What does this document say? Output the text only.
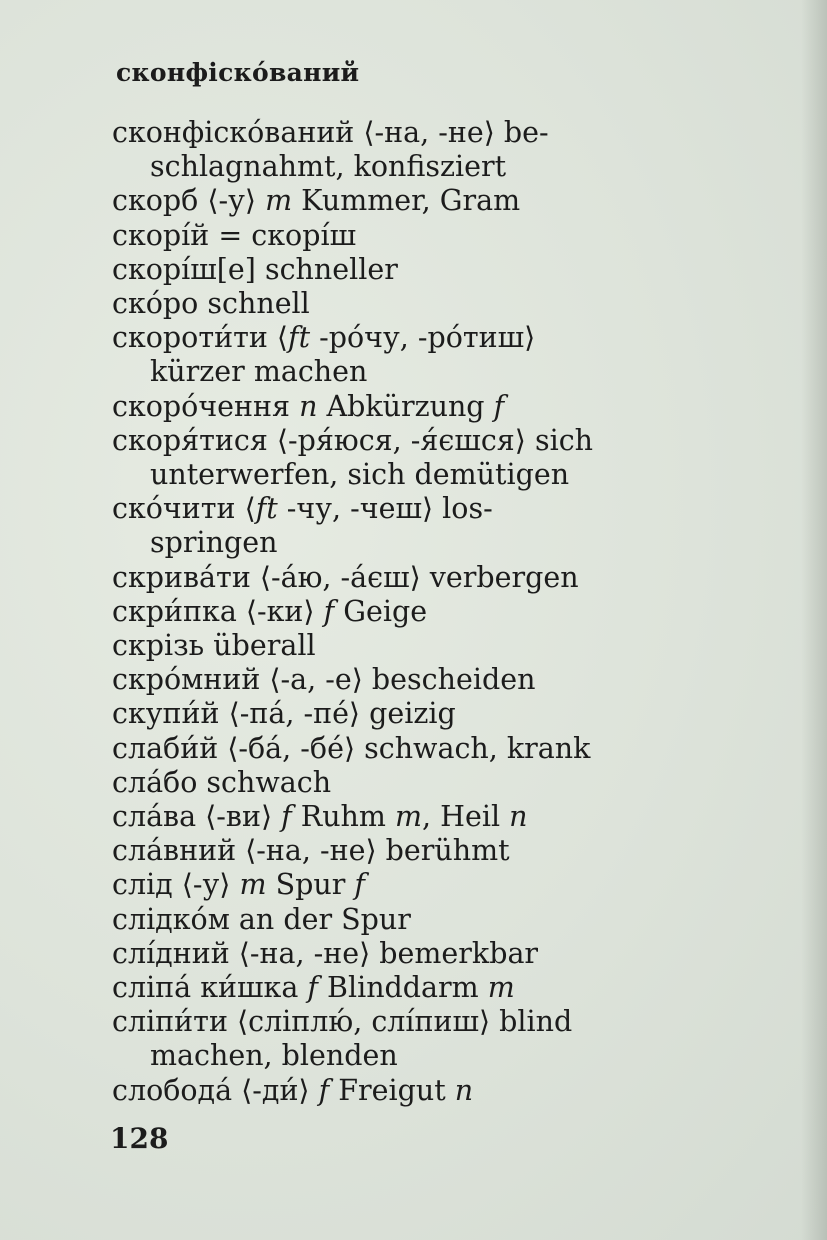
сконфіско́ваний
сконфіско́ваний ⟨-на, -не⟩ be-
schlagnahmt, konfisziert
скорб ⟨-у⟩ m Kummer, Gram
скорі́й = скорі́ш
скорі́ш[е] schneller
ско́ро schnell
скороти́ти ⟨ft -ро́чу, -ро́тиш⟩
kürzer machen
скоро́чення n Abkürzung f
скоря́тися ⟨-ря́юся, -я́єшся⟩ sich
unterwerfen, sich demütigen
ско́чити ⟨ft -чу, -чеш⟩ los-
springen
скрива́ти ⟨-а́ю, -а́єш⟩ verbergen
скри́пка ⟨-ки⟩ f Geige
скрізь überall
скро́мний ⟨-а, -е⟩ bescheiden
скупи́й ⟨-па́, -пе́⟩ geizig
слаби́й ⟨-ба́, -бе́⟩ schwach, krank
сла́бо schwach
сла́ва ⟨-ви⟩ f Ruhm m, Heil n
сла́вний ⟨-на, -не⟩ berühmt
слід ⟨-у⟩ m Spur f
слідко́м an der Spur
слі́дний ⟨-на, -не⟩ bemerkbar
сліпа́ ки́шка f Blinddarm m
сліпи́ти ⟨сліплю́, слі́пиш⟩ blind
machen, blenden
слобода́ ⟨-ди́⟩ f Freigut n
128
